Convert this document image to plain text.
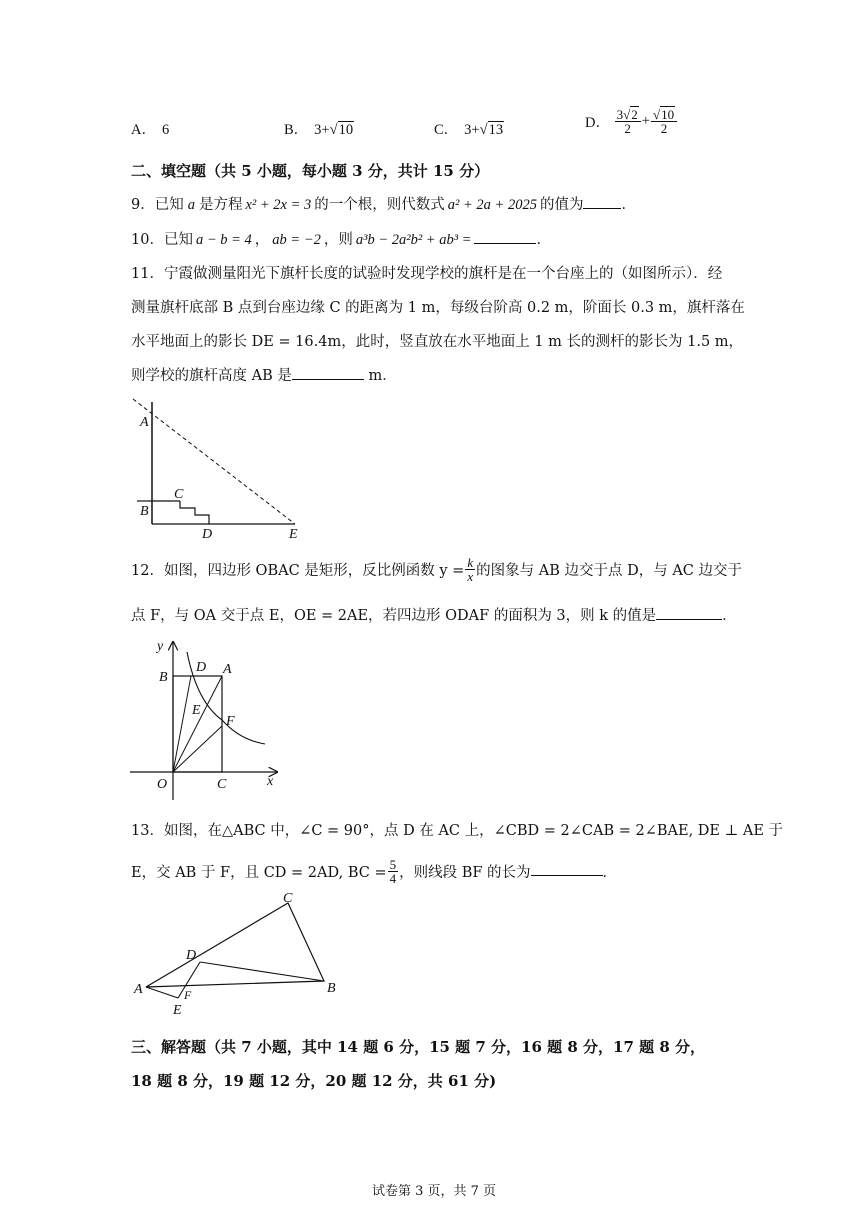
A． 6	B． 3+√10	C． 3+√13	D． $\frac{3√2}{2} + \frac{√10}{2}$
二、填空题（共 5 小题，每小题 3 分，共计 15 分）
9．已知 a 是方程 x² + 2x = 3 的一个根，则代数式 a² + 2a + 2025 的值为	．
10．已知 a − b = 4 ， ab = −2 ，则 a³b − 2a²b² + ab³ =	．
11．宁霞做测量阳光下旗杆长度的试验时发现学校的旗杆是在一个台座上的（如图所示）．经
测量旗杆底部 B 点到台座边缘 C 的距离为 1 m，每级台阶高 0.2 m，阶面长 0.3 m，旗杆落在
水平地面上的影长 DE = 16.4m，此时，竖直放在水平地面上 1 m 长的测杆的影长为 1.5 m，
则学校的旗杆高度 AB 是	m．
A
B
C
D	E
12．如图，四边形 OBAC 是矩形，反比例函数 $y = \frac{k}{x}$ 的图象与 AB 边交于点 D，与 AC 边交于
点 F，与 OA 交于点 E，OE = 2AE，若四边形 ODAF 的面积为 3，则 k 的值是	．
y
x
O
B
D A
E
F
C
13．如图，在△ABC 中，∠C = 90°，点 D 在 AC 上，∠CBD = 2∠CAB = 2∠BAE, DE ⊥ AE 于
E，交 AB 于 F，且 CD = 2AD, BC = $\frac{5}{4}$ ，则线段 BF 的长为	．
C
D
A	B
F
E
三、解答题（共 7 小题，其中 14 题 6 分，15 题 7 分，16 题 8 分，17 题 8 分，
18 题 8 分，19 题 12 分，20 题 12 分，共 61 分)
试卷第 3 页，共 7 页
